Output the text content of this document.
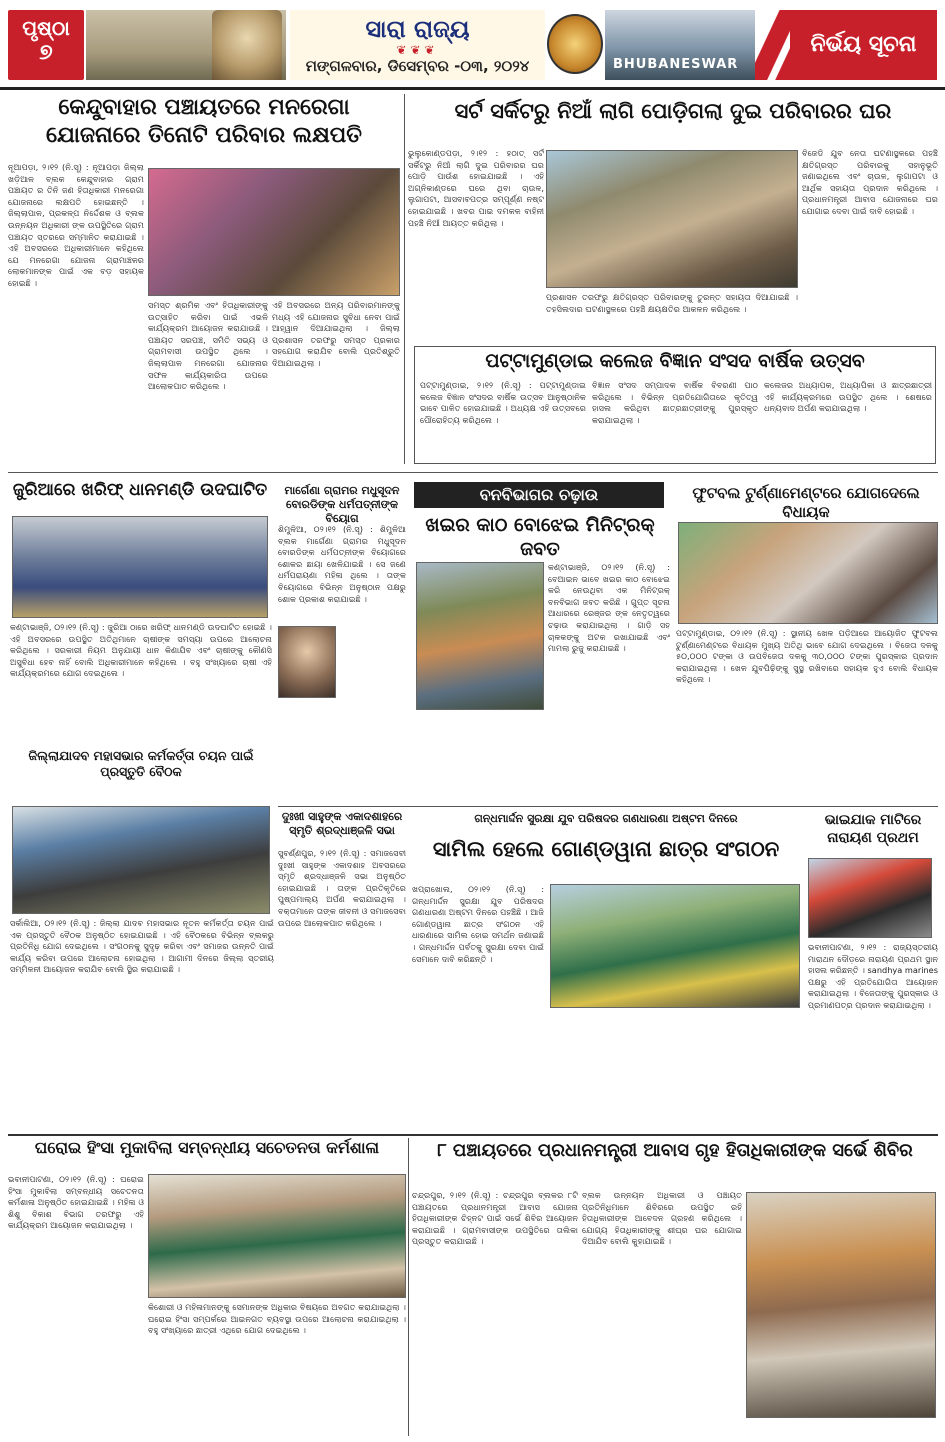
ପୃଷ୍ଠା
୭
ସାରା ରାଜ୍ୟ
❦❦❦
ମଙ୍ଗଳବାର, ଡିସେମ୍ବର -୦୩, ୨୦୨୪	BHUBANESWAR
ନିର୍ଭୟ ସୂଚନା
କେନ୍ଦୁବାହାର ପଞ୍ଚାୟତରେ ମନରେଗା
ଯୋଜନାରେ ତିନୋଟି ପରିବାର ଲକ୍ଷପତି
ନୂଆପଡ଼ା, ୨।୧୨ (ନି.ସୂ) : ନୂଆପଡ଼ା ଜିଲ୍ଲା ଖଡ଼ିଆଳ ବ୍ଲକ କେନ୍ଦୁବାହାର ଗ୍ରାମ ପଞ୍ଚାୟତ ର ତିନି ଜଣ ହିତାଧିକାରୀ ମନରେଗା ଯୋଜନାରେ ଲକ୍ଷପତି ହୋଇଛନ୍ତି । ଜିଲ୍ଲାପାଳ, ପ୍ରକଳ୍ପ ନିର୍ଦ୍ଦେଶକ ଓ ବ୍ଲକ ଉନ୍ନୟନ ଅଧିକାରୀ ଙ୍କ ଉପସ୍ଥିତିରେ ଗ୍ରାମ ପଞ୍ଚାୟତ ସ୍ତରରେ ସମ୍ମାନିତ କରାଯାଇଛି । ଏହି ଅବସରରେ ଅଧିକାରୀମାନେ କହିଥିଲେ ଯେ ମନରେଗା ଯୋଜନା ଗ୍ରାମାଞ୍ଚଳର ଲୋକମାନଙ୍କ ପାଇଁ ଏକ ବଡ଼ ସହାୟକ ହୋଇଛି ।
ସମସ୍ତ ଶ୍ରମିକ ଏବଂ ହିତାଧିକାରୀଙ୍କୁ ଉତ୍ସାହିତ କରିବା ପାଇଁ ଏଭଳି କାର୍ଯ୍ୟକ୍ରମ ଆୟୋଜନ କରାଯାଉଛି । ପଞ୍ଚାୟତ ସରପଞ୍ଚ, ସମିତି ସଭ୍ୟ ଓ ଗ୍ରାମବାସୀ ଉପସ୍ଥିତ ଥିଲେ । ଜିଲ୍ଲାପାଳ ମନରେଗା ଯୋଜନାର ସଫଳ କାର୍ଯ୍ୟକାରିତା ଉପରେ ଆଲୋକପାତ କରିଥିଲେ ।
ଏହି ଅବସରରେ ଅନ୍ୟ ପରିବାରମାନଙ୍କୁ ମଧ୍ୟ ଏହି ଯୋଜନାର ସୁବିଧା ନେବା ପାଇଁ ଆହ୍ୱାନ ଦିଆଯାଇଥିଲା । ଜିଲ୍ଲା ପ୍ରଶାସନ ତରଫରୁ ସମସ୍ତ ପ୍ରକାର ସହଯୋଗ କରାଯିବ ବୋଲି ପ୍ରତିଶ୍ରୁତି ଦିଆଯାଇଥିଲା ।
ସର୍ଟ ସର୍କିଟରୁ ନିଆଁ ଲାଗି ପୋଡ଼ିଗଲା ଦୁଇ ପରିବାରର ଘର
ଭୁଲୁକୋଣ୍ଡପଡ଼ା, ୨।୧୨ : ହଠାତ୍ ସର୍ଟ ସର୍କିଟରୁ ନିଆଁ ଲାଗି ଦୁଇ ପରିବାରର ଘର ପୋଡ଼ି ପାଉଁଶ ହୋଇଯାଇଛି । ଏହି ଅଗ୍ନିକାଣ୍ଡରେ ଘରେ ଥିବା ଚାଉଳ, ଲୁଗାପଟା, ଆସବାବପତ୍ର ସମ୍ପୂର୍ଣ୍ଣ ନଷ୍ଟ ହୋଇଯାଇଛି । ଖବର ପାଇ ଦମକଳ ବାହିନୀ ପହଞ୍ଚି ନିଆଁ ଆୟତ୍ତ କରିଥିଲା ।
ପ୍ରଶାସନ ତରଫରୁ କ୍ଷତିଗ୍ରସ୍ତ ପରିବାରଙ୍କୁ ତୁରନ୍ତ ସହାୟତା ଦିଆଯାଇଛି । ତହସିଲଦାର ଘଟଣାସ୍ଥଳରେ ପହଞ୍ଚି କ୍ଷୟକ୍ଷତିର ଆକଳନ କରିଥିଲେ ।
ବିଜେଡି ଯୁବ ନେତା ଘଟଣାସ୍ଥଳରେ ପହଞ୍ଚି କ୍ଷତିଗ୍ରସ୍ତ ପରିବାରକୁ ସହାନୁଭୂତି ଜଣାଇଥିଲେ ଏବଂ ଚାଉଳ, ଲୁଗାପଟା ଓ ଆର୍ଥିକ ସହାୟତା ପ୍ରଦାନ କରିଥିଲେ । ପ୍ରଧାନମନ୍ତ୍ରୀ ଆବାସ ଯୋଜନାରେ ଘର ଯୋଗାଇ ଦେବା ପାଇଁ ଦାବି ହୋଇଛି ।
ପଟ୍ଟାମୁଣ୍ଡାଇ କଲେଜ ବିଜ୍ଞାନ ସଂସଦ ବାର୍ଷିକ ଉତ୍ସବ
ପଟ୍ଟାମୁଣ୍ଡାଇ, ୨।୧୨ (ନି.ସୂ) : ପଟ୍ଟାମୁଣ୍ଡାଇ କଲେଜ ବିଜ୍ଞାନ ସଂସଦର ବାର୍ଷିକ ଉତ୍ସବ ଆନୁଷ୍ଠାନିକ ଭାବେ ପାଳିତ ହୋଇଯାଇଛି । ଅଧ୍ୟକ୍ଷ ଏହି ଉତ୍ସବରେ ପୌରୋହିତ୍ୟ କରିଥିଲେ ।
ବିଜ୍ଞାନ ସଂସଦ ସମ୍ପାଦକ ବାର୍ଷିକ ବିବରଣୀ ପାଠ କରିଥିଲେ । ବିଭିନ୍ନ ପ୍ରତିଯୋଗିତାରେ କୃତିତ୍ୱ ହାସଲ କରିଥିବା ଛାତ୍ରଛାତ୍ରୀଙ୍କୁ ପୁରସ୍କୃତ କରାଯାଇଥିଲା ।
କଲେଜର ଅଧ୍ୟାପକ, ଅଧ୍ୟାପିକା ଓ ଛାତ୍ରଛାତ୍ରୀ ଏହି କାର୍ଯ୍ୟକ୍ରମରେ ଉପସ୍ଥିତ ଥିଲେ । ଶେଷରେ ଧନ୍ୟବାଦ ଅର୍ପଣ କରାଯାଇଥିଲା ।
ଜୁରିଆରେ ଖରିଫ୍ ଧାନମଣ୍ଡି ଉଦଘାଟିତ
କଣ୍ଟାଭାଞ୍ଜି, ୦୨।୧୨ (ନି.ସୂ) : ଜୁରିଆ ଠାରେ ଖରିଫ୍ ଧାନମଣ୍ଡି ଉଦଘାଟିତ ହୋଇଛି । ଏହି ଅବସରରେ ଉପସ୍ଥିତ ଅତିଥିମାନେ ଚାଷୀଙ୍କ ସମସ୍ୟା ଉପରେ ଆଲୋଚନା କରିଥିଲେ । ସରକାରୀ ନିୟମ ଅନୁଯାୟୀ ଧାନ କିଣାଯିବ ଏବଂ ଚାଷୀଙ୍କୁ କୌଣସି ଅସୁବିଧା ହେବ ନାହିଁ ବୋଲି ଅଧିକାରୀମାନେ କହିଥିଲେ । ବହୁ ସଂଖ୍ୟାରେ ଚାଷୀ ଏହି କାର୍ଯ୍ୟକ୍ରମରେ ଯୋଗ ଦେଇଥିଲେ ।
ମାର୍ଗେଣା ଗ୍ରାମର ମଧୁସୂଦନ
ବୋରଡିଙ୍କ ଧର୍ମପତ୍ନୀଙ୍କ ବିୟୋଗ
ଶିମୁଳିଆ, ୦୨।୧୨ (ନି.ସୂ) : ଶିମୁଳିଆ ବ୍ଲକ ମାର୍ଗେଣା ଗ୍ରାମର ମଧୁସୂଦନ ବୋରଡିଙ୍କ ଧର୍ମପତ୍ନୀଙ୍କ ବିୟୋଗରେ ଶୋକର ଛାୟା ଖେଳିଯାଇଛି । ସେ ଜଣେ ଧର୍ମପରାୟଣା ମହିଳା ଥିଲେ । ତାଙ୍କ ବିୟୋଗରେ ବିଭିନ୍ନ ଅନୁଷ୍ଠାନ ପକ୍ଷରୁ ଶୋକ ପ୍ରକାଶ କରାଯାଇଛି ।
ବନବିଭାଗର ଚଢ଼ାଉ
ଖଇର କାଠ ବୋଝେଇ ମିନିଟ୍ରକ୍ ଜବତ
କଣ୍ଟାଭାଞ୍ଜି, ୦୨।୧୨ (ନି.ସୂ) : ବେଆଇନ ଭାବେ ଖଇର କାଠ ବୋଝେଇ କରି ନେଉଥିବା ଏକ ମିନିଟ୍ରକ୍ ବନବିଭାଗ ଜବତ କରିଛି । ଗୁପ୍ତ ସୂଚନା ଆଧାରରେ ରେଞ୍ଜର ଙ୍କ ନେତୃତ୍ୱରେ ଚଢ଼ାଉ କରାଯାଇଥିଲା । ଗାଡ଼ି ସହ ଚାଳକଙ୍କୁ ଅଟକ ରଖାଯାଇଛି ଏବଂ ମାମଲା ରୁଜୁ କରାଯାଇଛି ।
ଫୁଟବଲ ଟୁର୍ଣ୍ଣାମେଣ୍ଟରେ ଯୋଗଦେଲେ ବିଧାୟକ
ପଟ୍ଟାମୁଣ୍ଡାଇ, ୦୨।୧୨ (ନି.ସୂ) : ସ୍ଥାନୀୟ ଖେଳ ପଡ଼ିଆରେ ଆୟୋଜିତ ଫୁଟବଲ ଟୁର୍ଣ୍ଣାମେଣ୍ଟରେ ବିଧାୟକ ମୁଖ୍ୟ ଅତିଥି ଭାବେ ଯୋଗ ଦେଇଥିଲେ । ବିଜେତା ଦଳକୁ ୫୦,୦୦୦ ଟଙ୍କା ଓ ଉପବିଜେତା ଦଳକୁ ୩୦,୦୦୦ ଟଙ୍କା ପୁରସ୍କାର ପ୍ରଦାନ କରାଯାଇଥିଲା । ଖେଳ ଯୁବପିଢ଼ିଙ୍କୁ ସୁସ୍ଥ ରଖିବାରେ ସହାୟକ ହୁଏ ବୋଲି ବିଧାୟକ କହିଥିଲେ ।
ଜିଲ୍ଲାଯାଦବ ମହାସଭାର କର୍ମକର୍ତ୍ତା ଚୟନ ପାଇଁ ପ୍ରସ୍ତୁତି ବୈଠକ
ସର୍କାଲିଆ, ୦୨।୧୨ (ନି.ସୂ) : ଜିଲ୍ଲା ଯାଦବ ମହାସଭାର ନୂତନ କର୍ମକର୍ତ୍ତା ଚୟନ ପାଇଁ ଏକ ପ୍ରସ୍ତୁତି ବୈଠକ ଅନୁଷ୍ଠିତ ହୋଇଯାଇଛି । ଏହି ବୈଠକରେ ବିଭିନ୍ନ ବ୍ଲକରୁ ପ୍ରତିନିଧି ଯୋଗ ଦେଇଥିଲେ । ସଂଗଠନକୁ ସୁଦୃଢ଼ କରିବା ଏବଂ ସମାଜର ଉନ୍ନତି ପାଇଁ କାର୍ଯ୍ୟ କରିବା ଉପରେ ଆଲୋଚନା ହୋଇଥିଲା । ଆଗାମୀ ଦିନରେ ଜିଲ୍ଲା ସ୍ତରୀୟ ସମ୍ମିଳନୀ ଆୟୋଜନ କରାଯିବ ବୋଲି ସ୍ଥିର କରାଯାଇଛି ।
ଦୁଃଖୀ ସାହୁଙ୍କ ଏକାଦଶାହରେ
ସ୍ମୃତି ଶ୍ରଦ୍ଧାଞ୍ଜଳି ସଭା
ସୁବର୍ଣ୍ଣପୁର, ୨।୧୨ (ନି.ସୂ) : ସମାଜସେବୀ ଦୁଃଖୀ ସାହୁଙ୍କ ଏକାଦଶାହ ଅବସରରେ ସ୍ମୃତି ଶ୍ରଦ୍ଧାଞ୍ଜଳି ସଭା ଅନୁଷ୍ଠିତ ହୋଇଯାଇଛି । ତାଙ୍କ ପ୍ରତିକୃତିରେ ପୁଷ୍ପମାଲ୍ୟ ଅର୍ପଣ କରାଯାଇଥିଲା । ବକ୍ତାମାନେ ତାଙ୍କ ଜୀବନୀ ଓ ସମାଜସେବା ଉପରେ ଆଲୋକପାତ କରିଥିଲେ ।
ଗନ୍ଧମାର୍ଦ୍ଦନ ସୁରକ୍ଷା ଯୁବ ପରିଷଦର ଗଣଧାରଣା ଅଷ୍ଟମ ଦିନରେ
ସାମିଲ ହେଲେ ଗୋଣ୍ଡୱାନା ଛାତ୍ର ସଂଗଠନ
ଖପ୍ରାଖୋଲ, ୦୨।୧୨ (ନି.ସୂ) : ଗନ୍ଧମାର୍ଦ୍ଦନ ସୁରକ୍ଷା ଯୁବ ପରିଷଦର ଗଣଧାରଣା ଅଷ୍ଟମ ଦିନରେ ପହଞ୍ଚିଛି । ଆଜି ଗୋଣ୍ଡୱାନା ଛାତ୍ର ସଂଗଠନ ଏହି ଧାରଣାରେ ସାମିଲ ହୋଇ ସମର୍ଥନ ଜଣାଇଛି । ଗନ୍ଧମାର୍ଦ୍ଦନ ପର୍ବତକୁ ସୁରକ୍ଷା ଦେବା ପାଇଁ ସେମାନେ ଦାବି କରିଛନ୍ତି ।
ଭାଇଯାକ ମାଟିରେ
ନାରାୟଣ ପ୍ରଥମ
ଭବାନୀପାଟଣା, ୨।୧୨ : ରାଜ୍ୟସ୍ତରୀୟ ମାରାଥନ ଦୌଡ଼ରେ ନାରାୟଣ ପ୍ରଥମ ସ୍ଥାନ ହାସଲ କରିଛନ୍ତି । sandhya marines ପକ୍ଷରୁ ଏହି ପ୍ରତିଯୋଗିତା ଆୟୋଜନ କରାଯାଇଥିଲା । ବିଜେତାଙ୍କୁ ପୁରସ୍କାର ଓ ପ୍ରମାଣପତ୍ର ପ୍ରଦାନ କରାଯାଇଥିଲା ।
ଘରୋଇ ହିଂସା ମୁକାବିଲା ସମ୍ବନ୍ଧୀୟ ସଚେତନତା କର୍ମଶାଳା
ଭବାନୀପାଟଣା, ୦୨।୧୨ (ନି.ସୂ) : ଘରୋଇ ହିଂସା ମୁକାବିଲା ସମ୍ବନ୍ଧୀୟ ସଚେତନତା କର୍ମଶାଳା ଅନୁଷ୍ଠିତ ହୋଇଯାଇଛି । ମହିଳା ଓ ଶିଶୁ ବିକାଶ ବିଭାଗ ତରଫରୁ ଏହି କାର୍ଯ୍ୟକ୍ରମ ଆୟୋଜନ କରାଯାଇଥିଲା ।
କିଶୋରୀ ଓ ମହିଳାମାନଙ୍କୁ ସେମାନଙ୍କ ଅଧିକାର ବିଷୟରେ ଅବଗତ କରାଯାଇଥିଲା । ଘରୋଇ ହିଂସା ସମ୍ପର୍କରେ ଆଇନଗତ ବ୍ୟବସ୍ଥା ଉପରେ ଆଲୋଚନା କରାଯାଇଥିଲା । ବହୁ ସଂଖ୍ୟାରେ ଛାତ୍ରୀ ଏଥିରେ ଯୋଗ ଦେଇଥିଲେ ।
୮ ପଞ୍ଚାୟତରେ ପ୍ରଧାନମନ୍ତ୍ରୀ ଆବାସ ଗୃହ ହିତାଧିକାରୀଙ୍କ ସର୍ଭେ ଶିବିର
ଚନ୍ଦ୍ରପୁର, ୨।୧୨ (ନି.ସୂ) : ଚନ୍ଦ୍ରପୁର ବ୍ଲକର ୮ଟି ପଞ୍ଚାୟତରେ ପ୍ରଧାନମନ୍ତ୍ରୀ ଆବାସ ଯୋଜନା ହିତାଧିକାରୀଙ୍କ ଚିହ୍ନଟ ପାଇଁ ସର୍ଭେ ଶିବିର ଆୟୋଜନ କରାଯାଇଛି । ଗ୍ରାମବାସୀଙ୍କ ଉପସ୍ଥିତିରେ ତାଲିକା ପ୍ରସ୍ତୁତ କରାଯାଇଛି ।
ବ୍ଲକ ଉନ୍ନୟନ ଅଧିକାରୀ ଓ ପଞ୍ଚାୟତ ପ୍ରତିନିଧିମାନେ ଶିବିରରେ ଉପସ୍ଥିତ ରହି ହିତାଧିକାରୀଙ୍କ ଆବେଦନ ଗ୍ରହଣ କରିଥିଲେ । ଯୋଗ୍ୟ ହିତାଧିକାରୀଙ୍କୁ ଶୀଘ୍ର ଘର ଯୋଗାଇ ଦିଆଯିବ ବୋଲି କୁହାଯାଇଛି ।
